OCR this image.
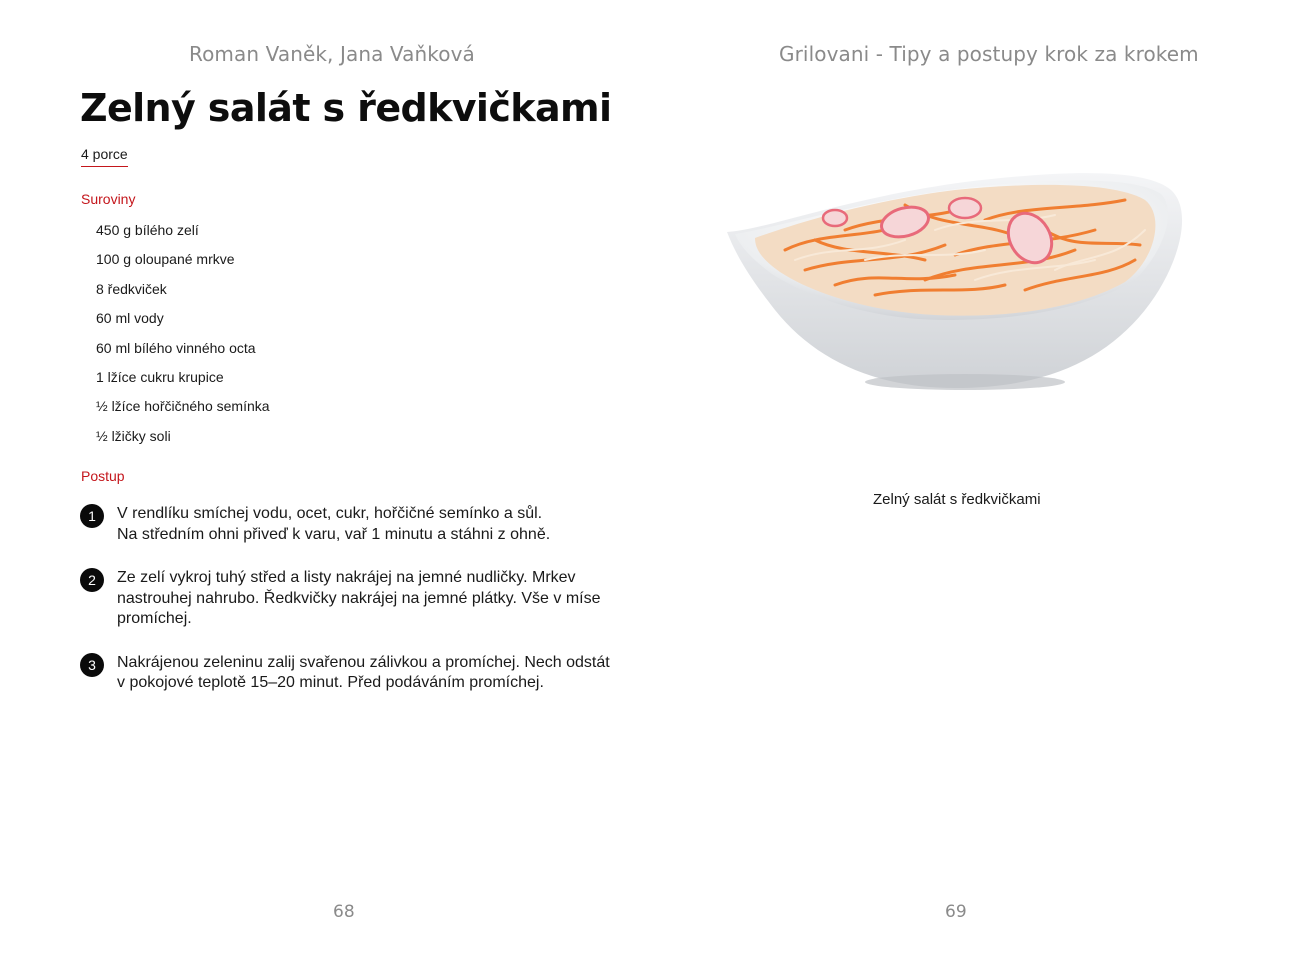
Roman Vaněk, Jana Vaňková
Zelný salát s ředkvičkami
4 porce
Suroviny
450 g bílého zelí
100 g oloupané mrkve
8 ředkviček
60 ml vody
60 ml bílého vinného octa
1 lžíce cukru krupice
½ lžíce hořčičného semínka
½ lžičky soli
Postup
1	V rendlíku smíchej vodu, ocet, cukr, hořčičné semínko a sůl.
Na středním ohni přiveď k varu, vař 1 minutu a stáhni z ohně.
2	Ze zelí vykroj tuhý střed a listy nakrájej na jemné nudličky. Mrkev
nastrouhej nahrubo. Ředkvičky nakrájej na jemné plátky. Vše v míse
promíchej.
3	Nakrájenou zeleninu zalij svařenou zálivkou a promíchej. Nech odstát
v pokojové teplotě 15–20 minut. Před podáváním promíchej.
68
Grilovani - Tipy a postupy krok za krokem
Zelný salát s ředkvičkami
69
